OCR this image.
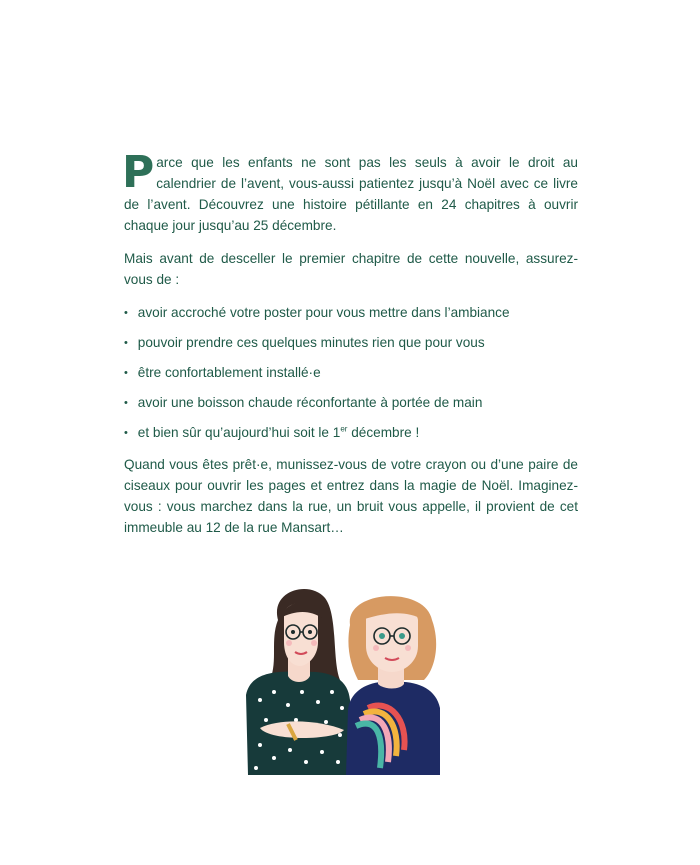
Parce que les enfants ne sont pas les seuls à avoir le droit au calendrier de l’avent, vous-aussi patientez jusqu’à Noël avec ce livre de l’avent. Découvrez une histoire pétillante en 24 chapitres à ouvrir chaque jour jusqu’au 25 décembre.

Mais avant de desceller le premier chapitre de cette nouvelle, assurez-vous de :

• avoir accroché votre poster pour vous mettre dans l’ambiance
• pouvoir prendre ces quelques minutes rien que pour vous
• être confortablement installé·e
• avoir une boisson chaude réconfortante à portée de main
• et bien sûr qu’aujourd’hui soit le 1er décembre !

Quand vous êtes prêt·e, munissez-vous de votre crayon ou d’une paire de ciseaux pour ouvrir les pages et entrez dans la magie de Noël. Imaginez-vous : vous marchez dans la rue, un bruit vous appelle, il provient de cet immeuble au 12 de la rue Mansart…
